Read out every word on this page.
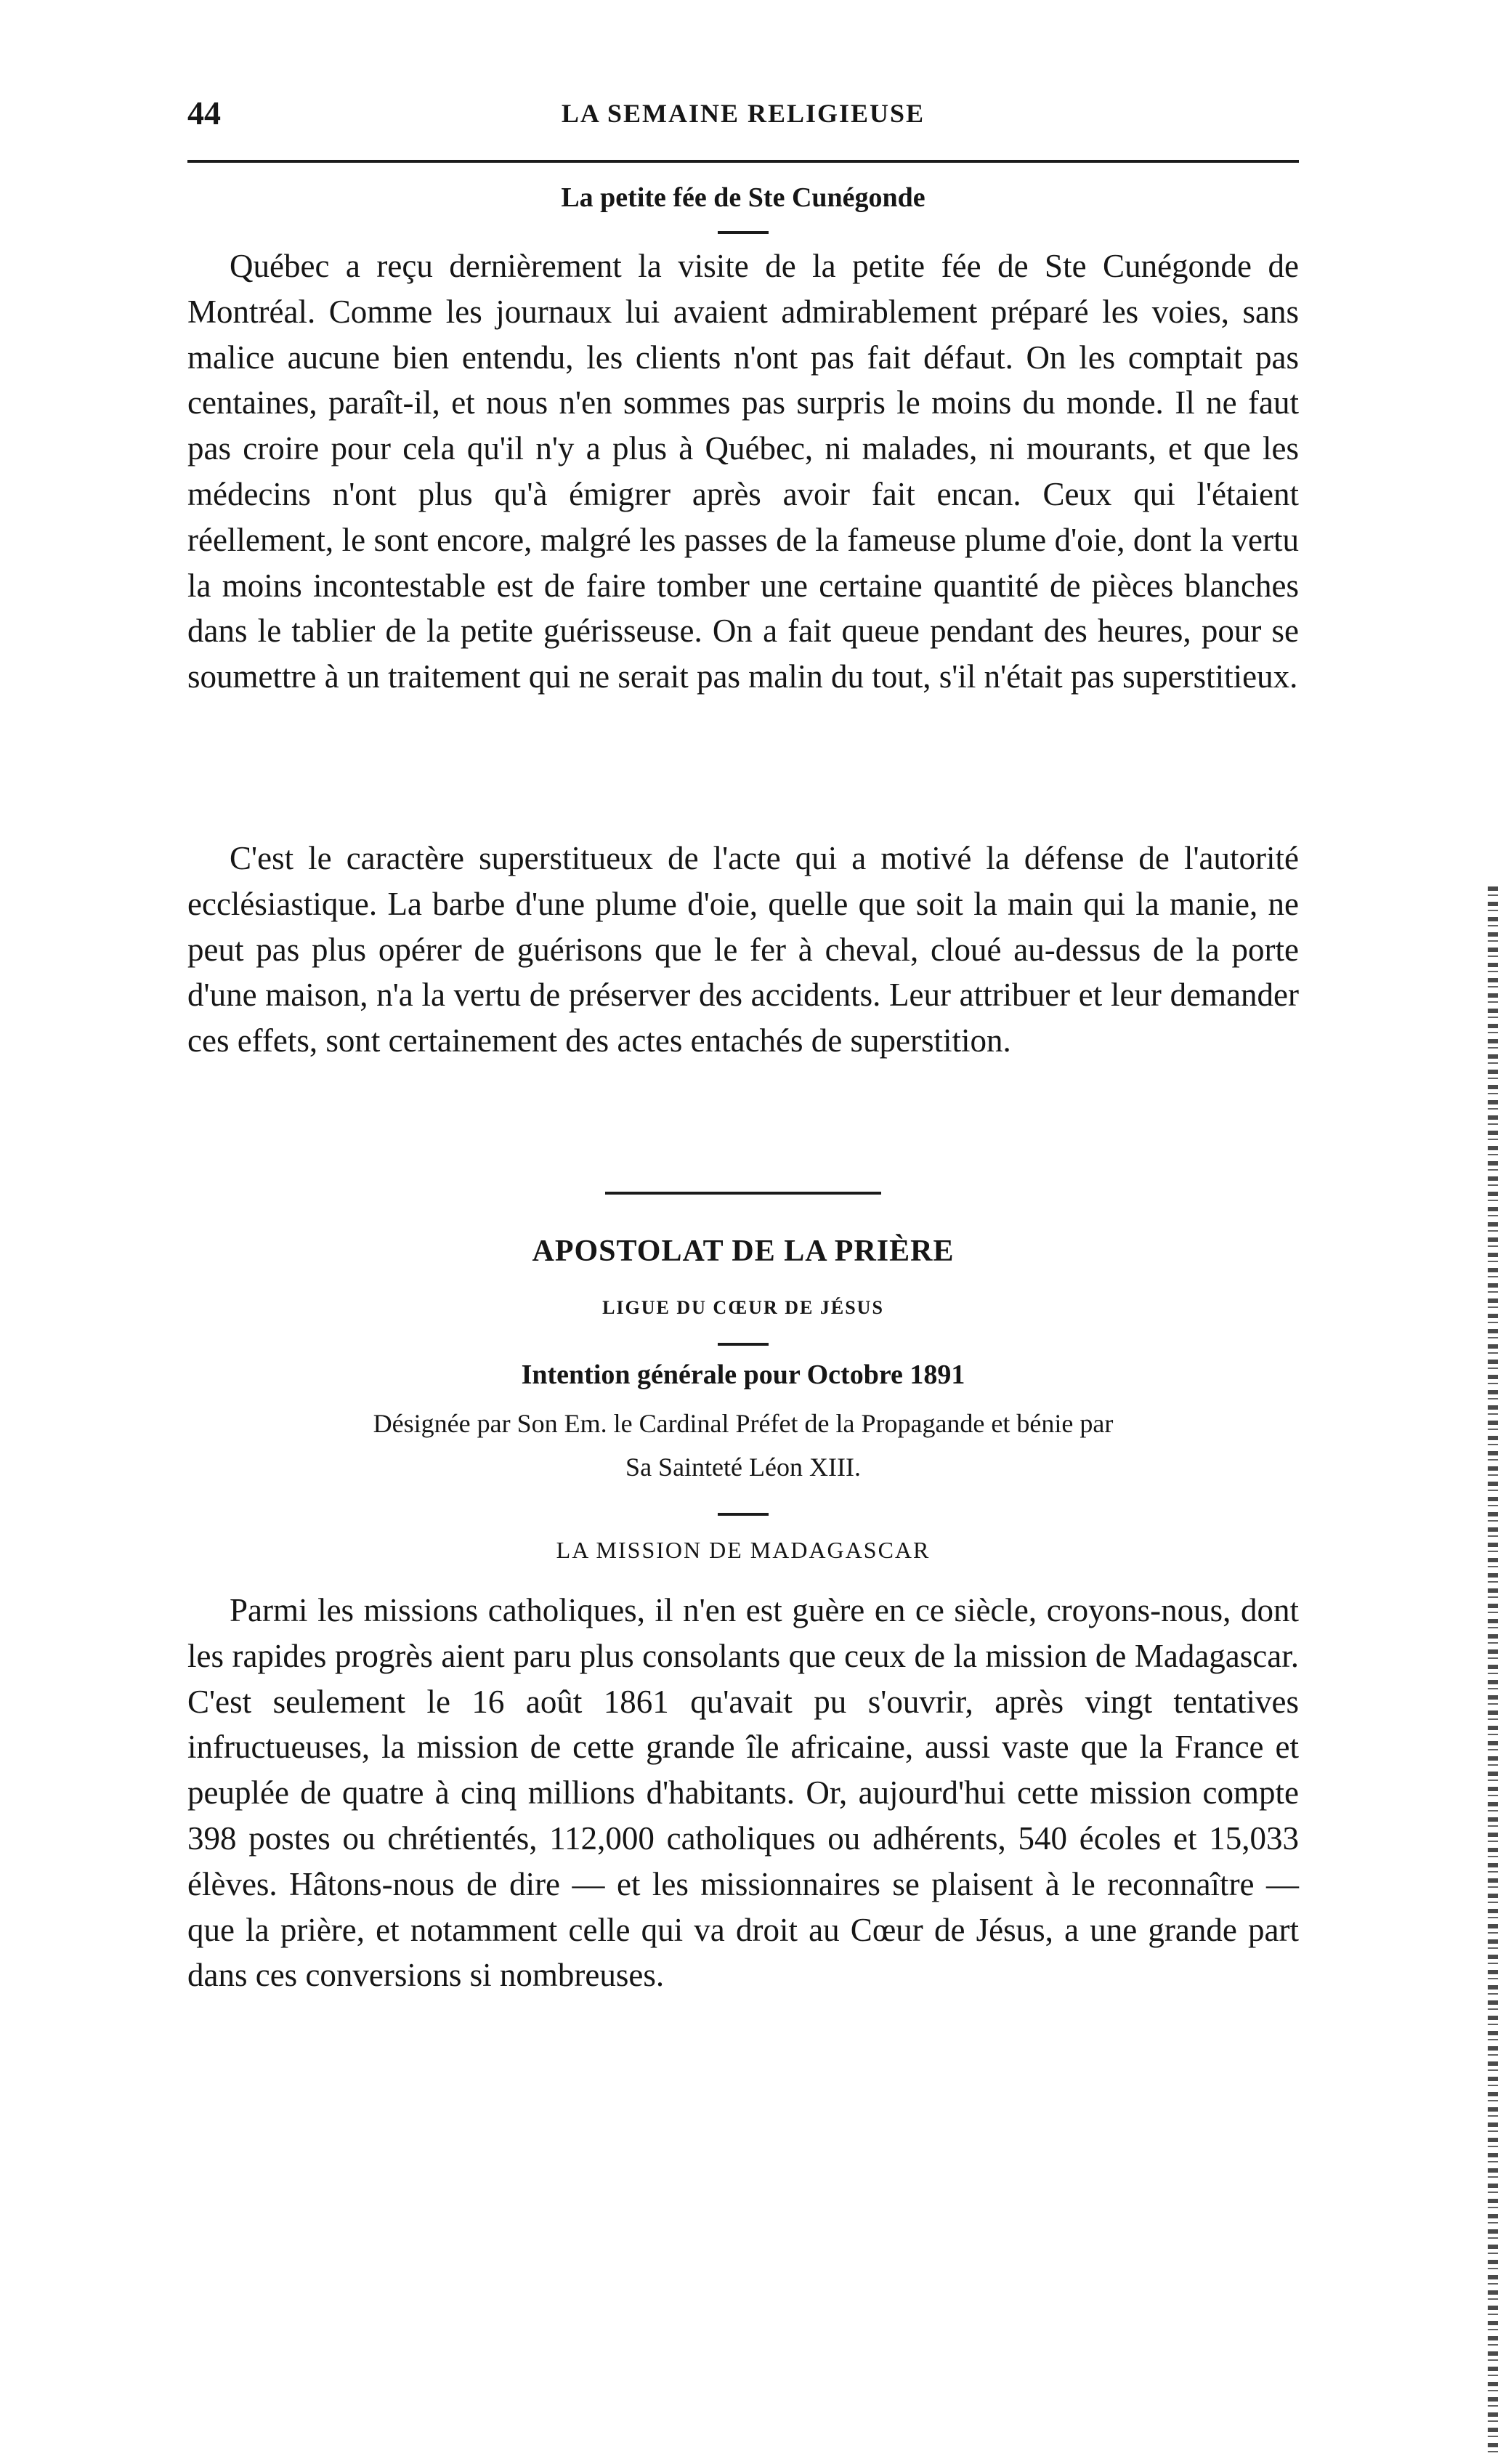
44	LA SEMAINE RELIGIEUSE
La petite fée de Ste Cunégonde

Québec a reçu dernièrement la visite de la petite fée de Ste Cunégonde de Montréal. Comme les journaux lui avaient admirablement préparé les voies, sans malice aucune bien entendu, les clients n'ont pas fait défaut. On les comptait pas centaines, paraît-il, et nous n'en sommes pas surpris le moins du monde. Il ne faut pas croire pour cela qu'il n'y a plus à Québec, ni malades, ni mourants, et que les médecins n'ont plus qu'à émigrer après avoir fait encan. Ceux qui l'étaient réellement, le sont encore, malgré les passes de la fameuse plume d'oie, dont la vertu la moins incontestable est de faire tomber une certaine quantité de pièces blanches dans le tablier de la petite guérisseuse. On a fait queue pendant des heures, pour se soumettre à un traitement qui ne serait pas malin du tout, s'il n'était pas superstitieux.

C'est le caractère superstitueux de l'acte qui a motivé la défense de l'autorité ecclésiastique. La barbe d'une plume d'oie, quelle que soit la main qui la manie, ne peut pas plus opérer de guérisons que le fer à cheval, cloué au-dessus de la porte d'une maison, n'a la vertu de préserver des accidents. Leur attribuer et leur demander ces effets, sont certainement des actes entachés de superstition.

APOSTOLAT DE LA PRIÈRE
LIGUE DU CŒUR DE JÉSUS
Intention générale pour Octobre 1891
Désignée par Son Em. le Cardinal Préfet de la Propagande et bénie par
Sa Sainteté Léon XIII.
LA MISSION DE MADAGASCAR

Parmi les missions catholiques, il n'en est guère en ce siècle, croyons-nous, dont les rapides progrès aient paru plus consolants que ceux de la mission de Madagascar. C'est seulement le 16 août 1861 qu'avait pu s'ouvrir, après vingt tentatives infructueuses, la mission de cette grande île africaine, aussi vaste que la France et peuplée de quatre à cinq millions d'habitants. Or, aujourd'hui cette mission compte 398 postes ou chrétientés, 112,000 catholiques ou adhérents, 540 écoles et 15,033 élèves. Hâtons-nous de dire — et les missionnaires se plaisent à le reconnaître — que la prière, et notamment celle qui va droit au Cœur de Jésus, a une grande part dans ces conversions si nombreuses.
